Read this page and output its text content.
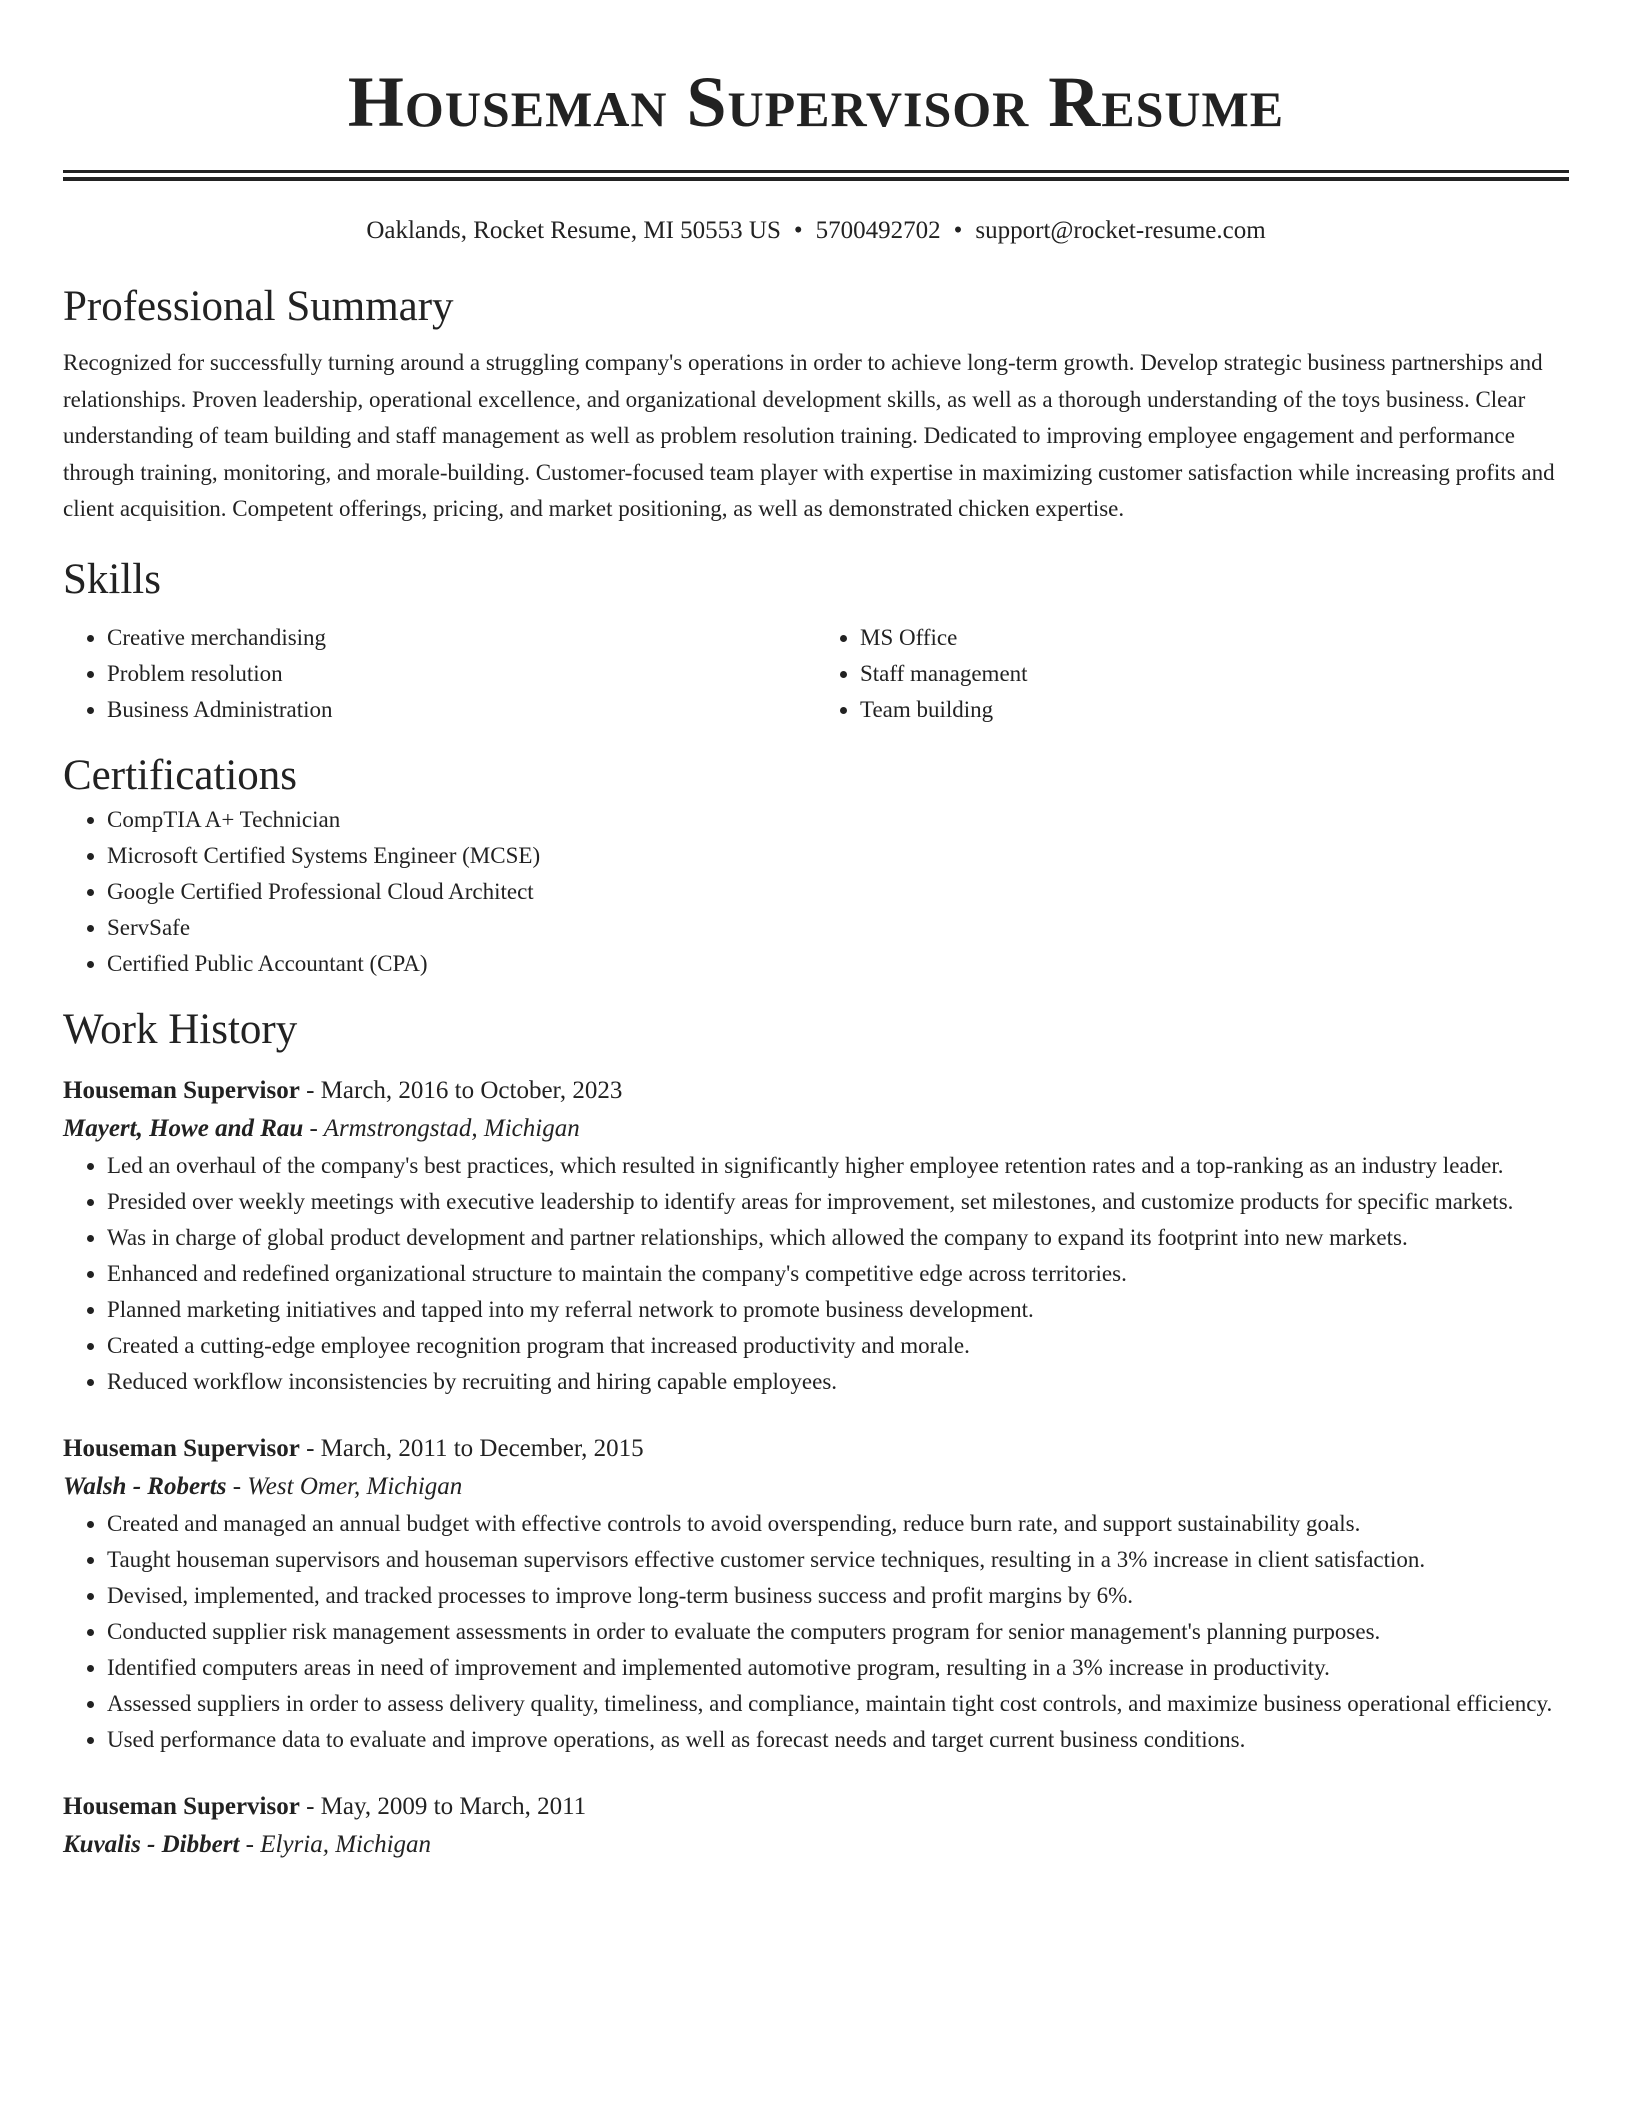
Houseman Supervisor Resume
Oaklands, Rocket Resume, MI 50553 US • 5700492702 • support@rocket-resume.com
Professional Summary

Recognized for successfully turning around a struggling company's operations in order to achieve long-term growth. Develop strategic business partnerships and relationships. Proven leadership, operational excellence, and organizational development skills, as well as a thorough understanding of the toys business. Clear understanding of team building and staff management as well as problem resolution training. Dedicated to improving employee engagement and performance through training, monitoring, and morale-building. Customer-focused team player with expertise in maximizing customer satisfaction while increasing profits and client acquisition. Competent offerings, pricing, and market positioning, as well as demonstrated chicken expertise.

Skills
• Creative merchandising
• Problem resolution
• Business Administration
• MS Office
• Staff management
• Team building
Certifications
• CompTIA A+ Technician
• Microsoft Certified Systems Engineer (MCSE)
• Google Certified Professional Cloud Architect
• ServSafe
• Certified Public Accountant (CPA)
Work History
Houseman Supervisor - March, 2016 to October, 2023
Mayert, Howe and Rau - Armstrongstad, Michigan
• Led an overhaul of the company's best practices, which resulted in significantly higher employee retention rates and a top-ranking as an industry leader.
• Presided over weekly meetings with executive leadership to identify areas for improvement, set milestones, and customize products for specific markets.
• Was in charge of global product development and partner relationships, which allowed the company to expand its footprint into new markets.
• Enhanced and redefined organizational structure to maintain the company's competitive edge across territories.
• Planned marketing initiatives and tapped into my referral network to promote business development.
• Created a cutting-edge employee recognition program that increased productivity and morale.
• Reduced workflow inconsistencies by recruiting and hiring capable employees.
Houseman Supervisor - March, 2011 to December, 2015
Walsh - Roberts - West Omer, Michigan
• Created and managed an annual budget with effective controls to avoid overspending, reduce burn rate, and support sustainability goals.
• Taught houseman supervisors and houseman supervisors effective customer service techniques, resulting in a 3% increase in client satisfaction.
• Devised, implemented, and tracked processes to improve long-term business success and profit margins by 6%.
• Conducted supplier risk management assessments in order to evaluate the computers program for senior management's planning purposes.
• Identified computers areas in need of improvement and implemented automotive program, resulting in a 3% increase in productivity.
• Assessed suppliers in order to assess delivery quality, timeliness, and compliance, maintain tight cost controls, and maximize business operational efficiency.
• Used performance data to evaluate and improve operations, as well as forecast needs and target current business conditions.
Houseman Supervisor - May, 2009 to March, 2011
Kuvalis - Dibbert - Elyria, Michigan
